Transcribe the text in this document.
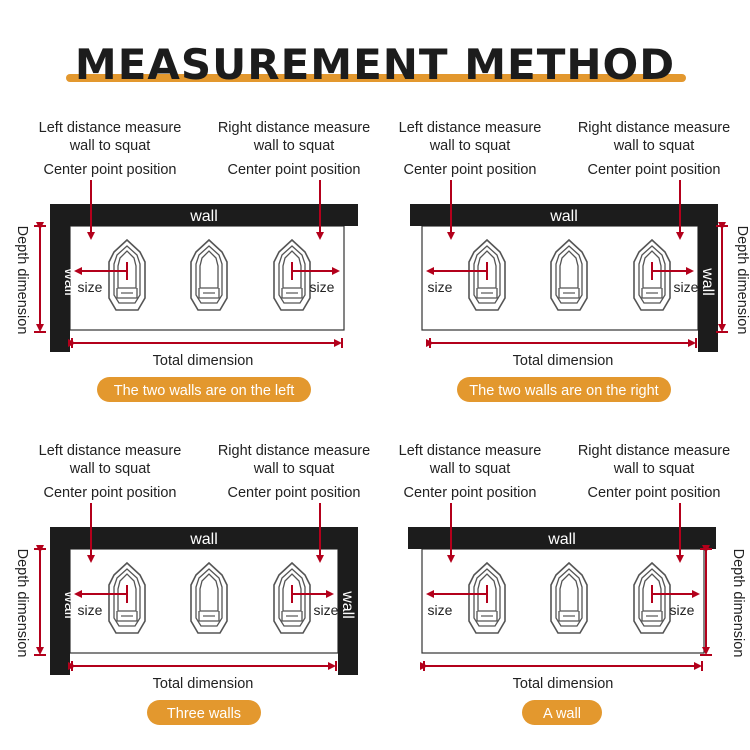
MEASUREMENT METHOD
Left distance measure
wall to squat
Right distance measure
wall to squat
Center point position	Center point position
wall
wall size	size
Depth dimension
Total dimension
The two walls are on the left
Left distance measure
wall to squat
Right distance measure
wall to squat
Center point position	Center point position
wall
wall
size	size Depth dimension
Total dimension
The two walls are on the right
Left distance measure
wall to squat
Right distance measure
wall to squat
Center point position	Center point position
wall
wall	wall
size	size
Depth dimension
Total dimension
Three walls
Left distance measure
wall to squat
Right distance measure
wall to squat
Center point position	Center point position
wall
size	size Depth dimension
Total dimension
A wall
